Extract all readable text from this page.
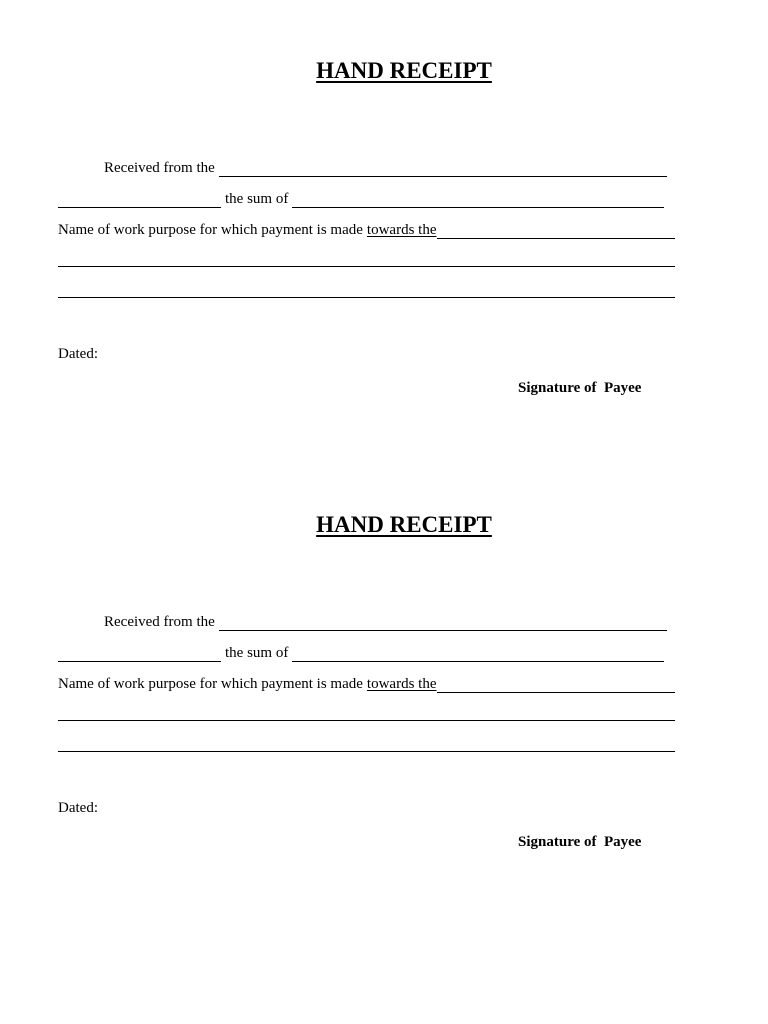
HAND RECEIPT
Received from the
the sum of
Name of work purpose for which payment is made towards the
Dated:
Signature of  Payee
HAND RECEIPT
Received from the
the sum of
Name of work purpose for which payment is made towards the
Dated:
Signature of  Payee
